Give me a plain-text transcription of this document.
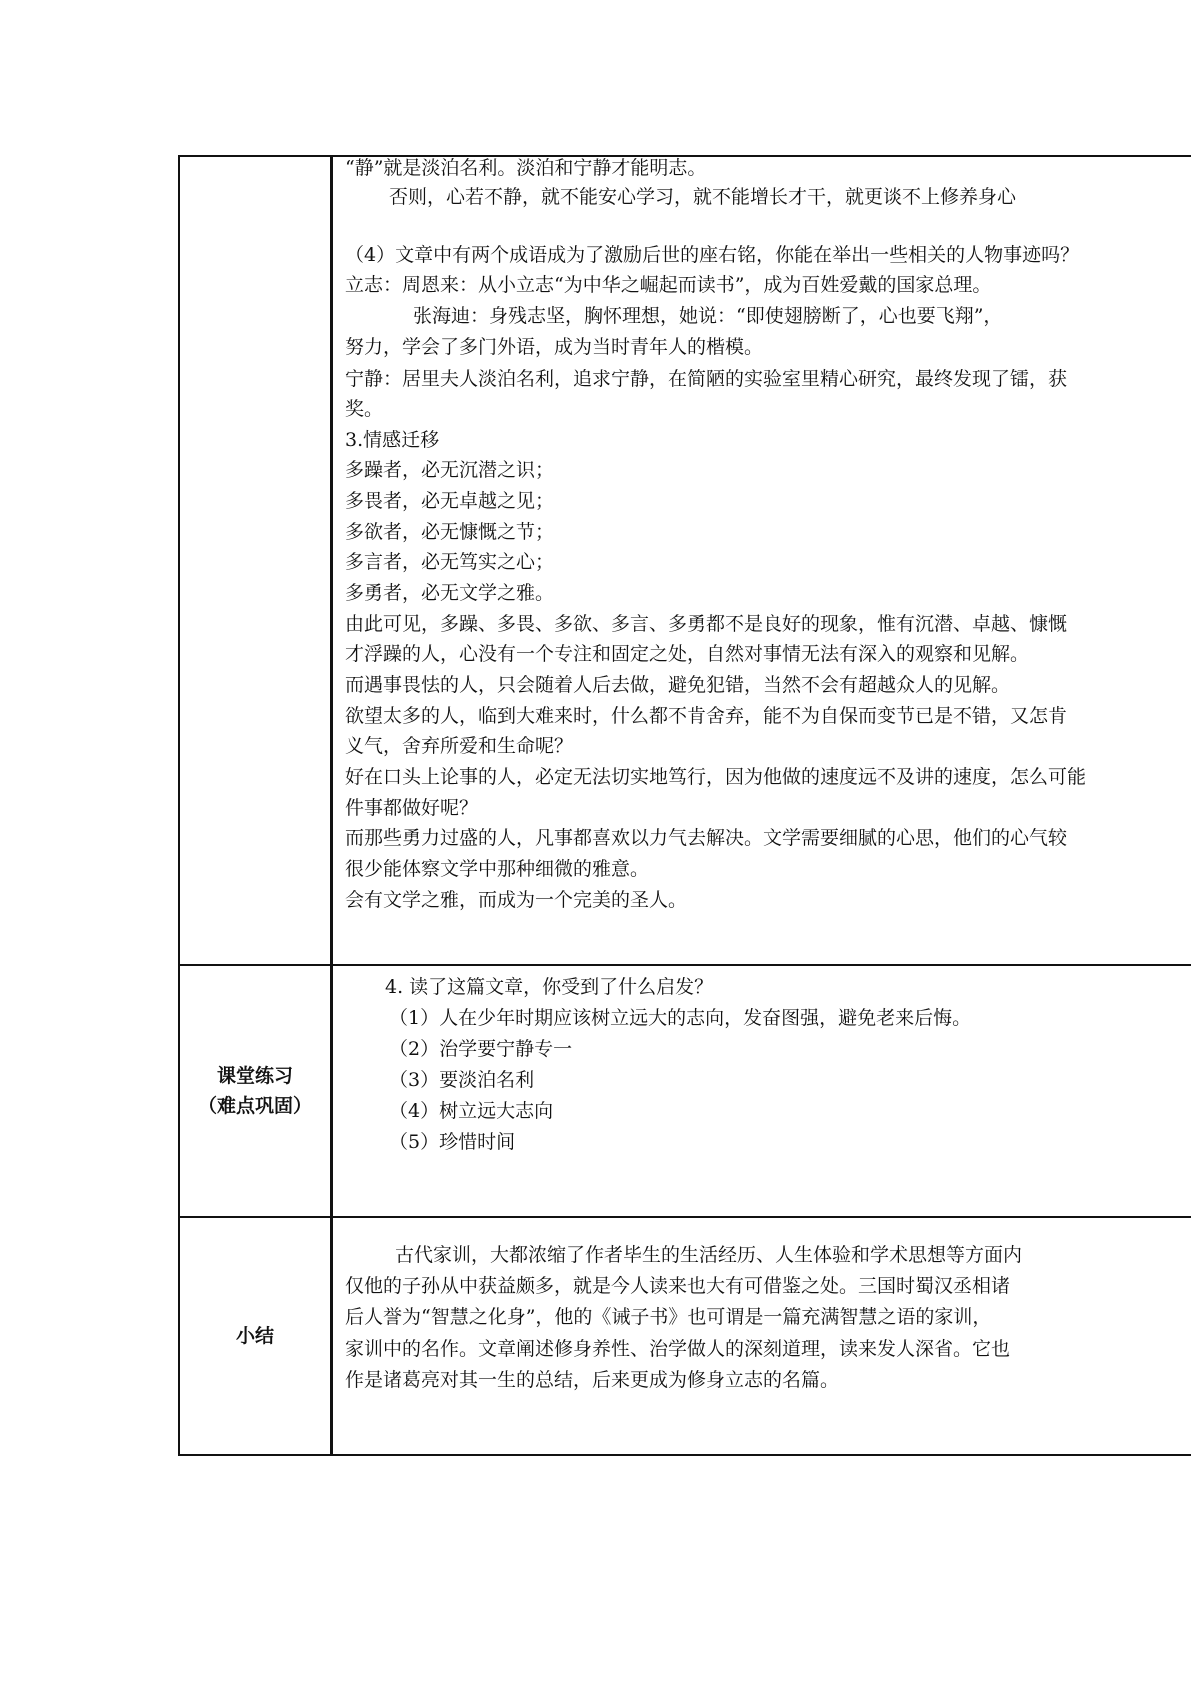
“静”就是淡泊名利。淡泊和宁静才能明志。
否则，心若不静，就不能安心学习，就不能增长才干，就更谈不上修养身心
（4）文章中有两个成语成为了激励后世的座右铭，你能在举出一些相关的人物事迹吗？
立志：周恩来：从小立志“为中华之崛起而读书”，成为百姓爱戴的国家总理。
张海迪：身残志坚，胸怀理想，她说：“即使翅膀断了，心也要飞翔”，
努力，学会了多门外语，成为当时青年人的楷模。
宁静：居里夫人淡泊名利，追求宁静，在简陋的实验室里精心研究，最终发现了镭，获
奖。
3.情感迁移
多躁者，必无沉潜之识；
多畏者，必无卓越之见；
多欲者，必无慷慨之节；
多言者，必无笃实之心；
多勇者，必无文学之雅。
由此可见，多躁、多畏、多欲、多言、多勇都不是良好的现象，惟有沉潜、卓越、慷慨
才浮躁的人，心没有一个专注和固定之处，自然对事情无法有深入的观察和见解。
而遇事畏怯的人，只会随着人后去做，避免犯错，当然不会有超越众人的见解。
欲望太多的人，临到大难来时，什么都不肯舍弃，能不为自保而变节已是不错，又怎肯
义气，舍弃所爱和生命呢？
好在口头上论事的人，必定无法切实地笃行，因为他做的速度远不及讲的速度，怎么可能
件事都做好呢？
而那些勇力过盛的人，凡事都喜欢以力气去解决。文学需要细腻的心思，他们的心气较
很少能体察文学中那种细微的雅意。
会有文学之雅，而成为一个完美的圣人。
课堂练习
（难点巩固）
4. 读了这篇文章，你受到了什么启发？
（1）人在少年时期应该树立远大的志向，发奋图强，避免老来后悔。
（2）治学要宁静专一
（3）要淡泊名利
（4）树立远大志向
（5）珍惜时间
小结
古代家训，大都浓缩了作者毕生的生活经历、人生体验和学术思想等方面内
仅他的子孙从中获益颇多，就是今人读来也大有可借鉴之处。三国时蜀汉丞相诸
后人誉为“智慧之化身”，他的《诫子书》也可谓是一篇充满智慧之语的家训，
家训中的名作。文章阐述修身养性、治学做人的深刻道理，读来发人深省。它也
作是诸葛亮对其一生的总结，后来更成为修身立志的名篇。
